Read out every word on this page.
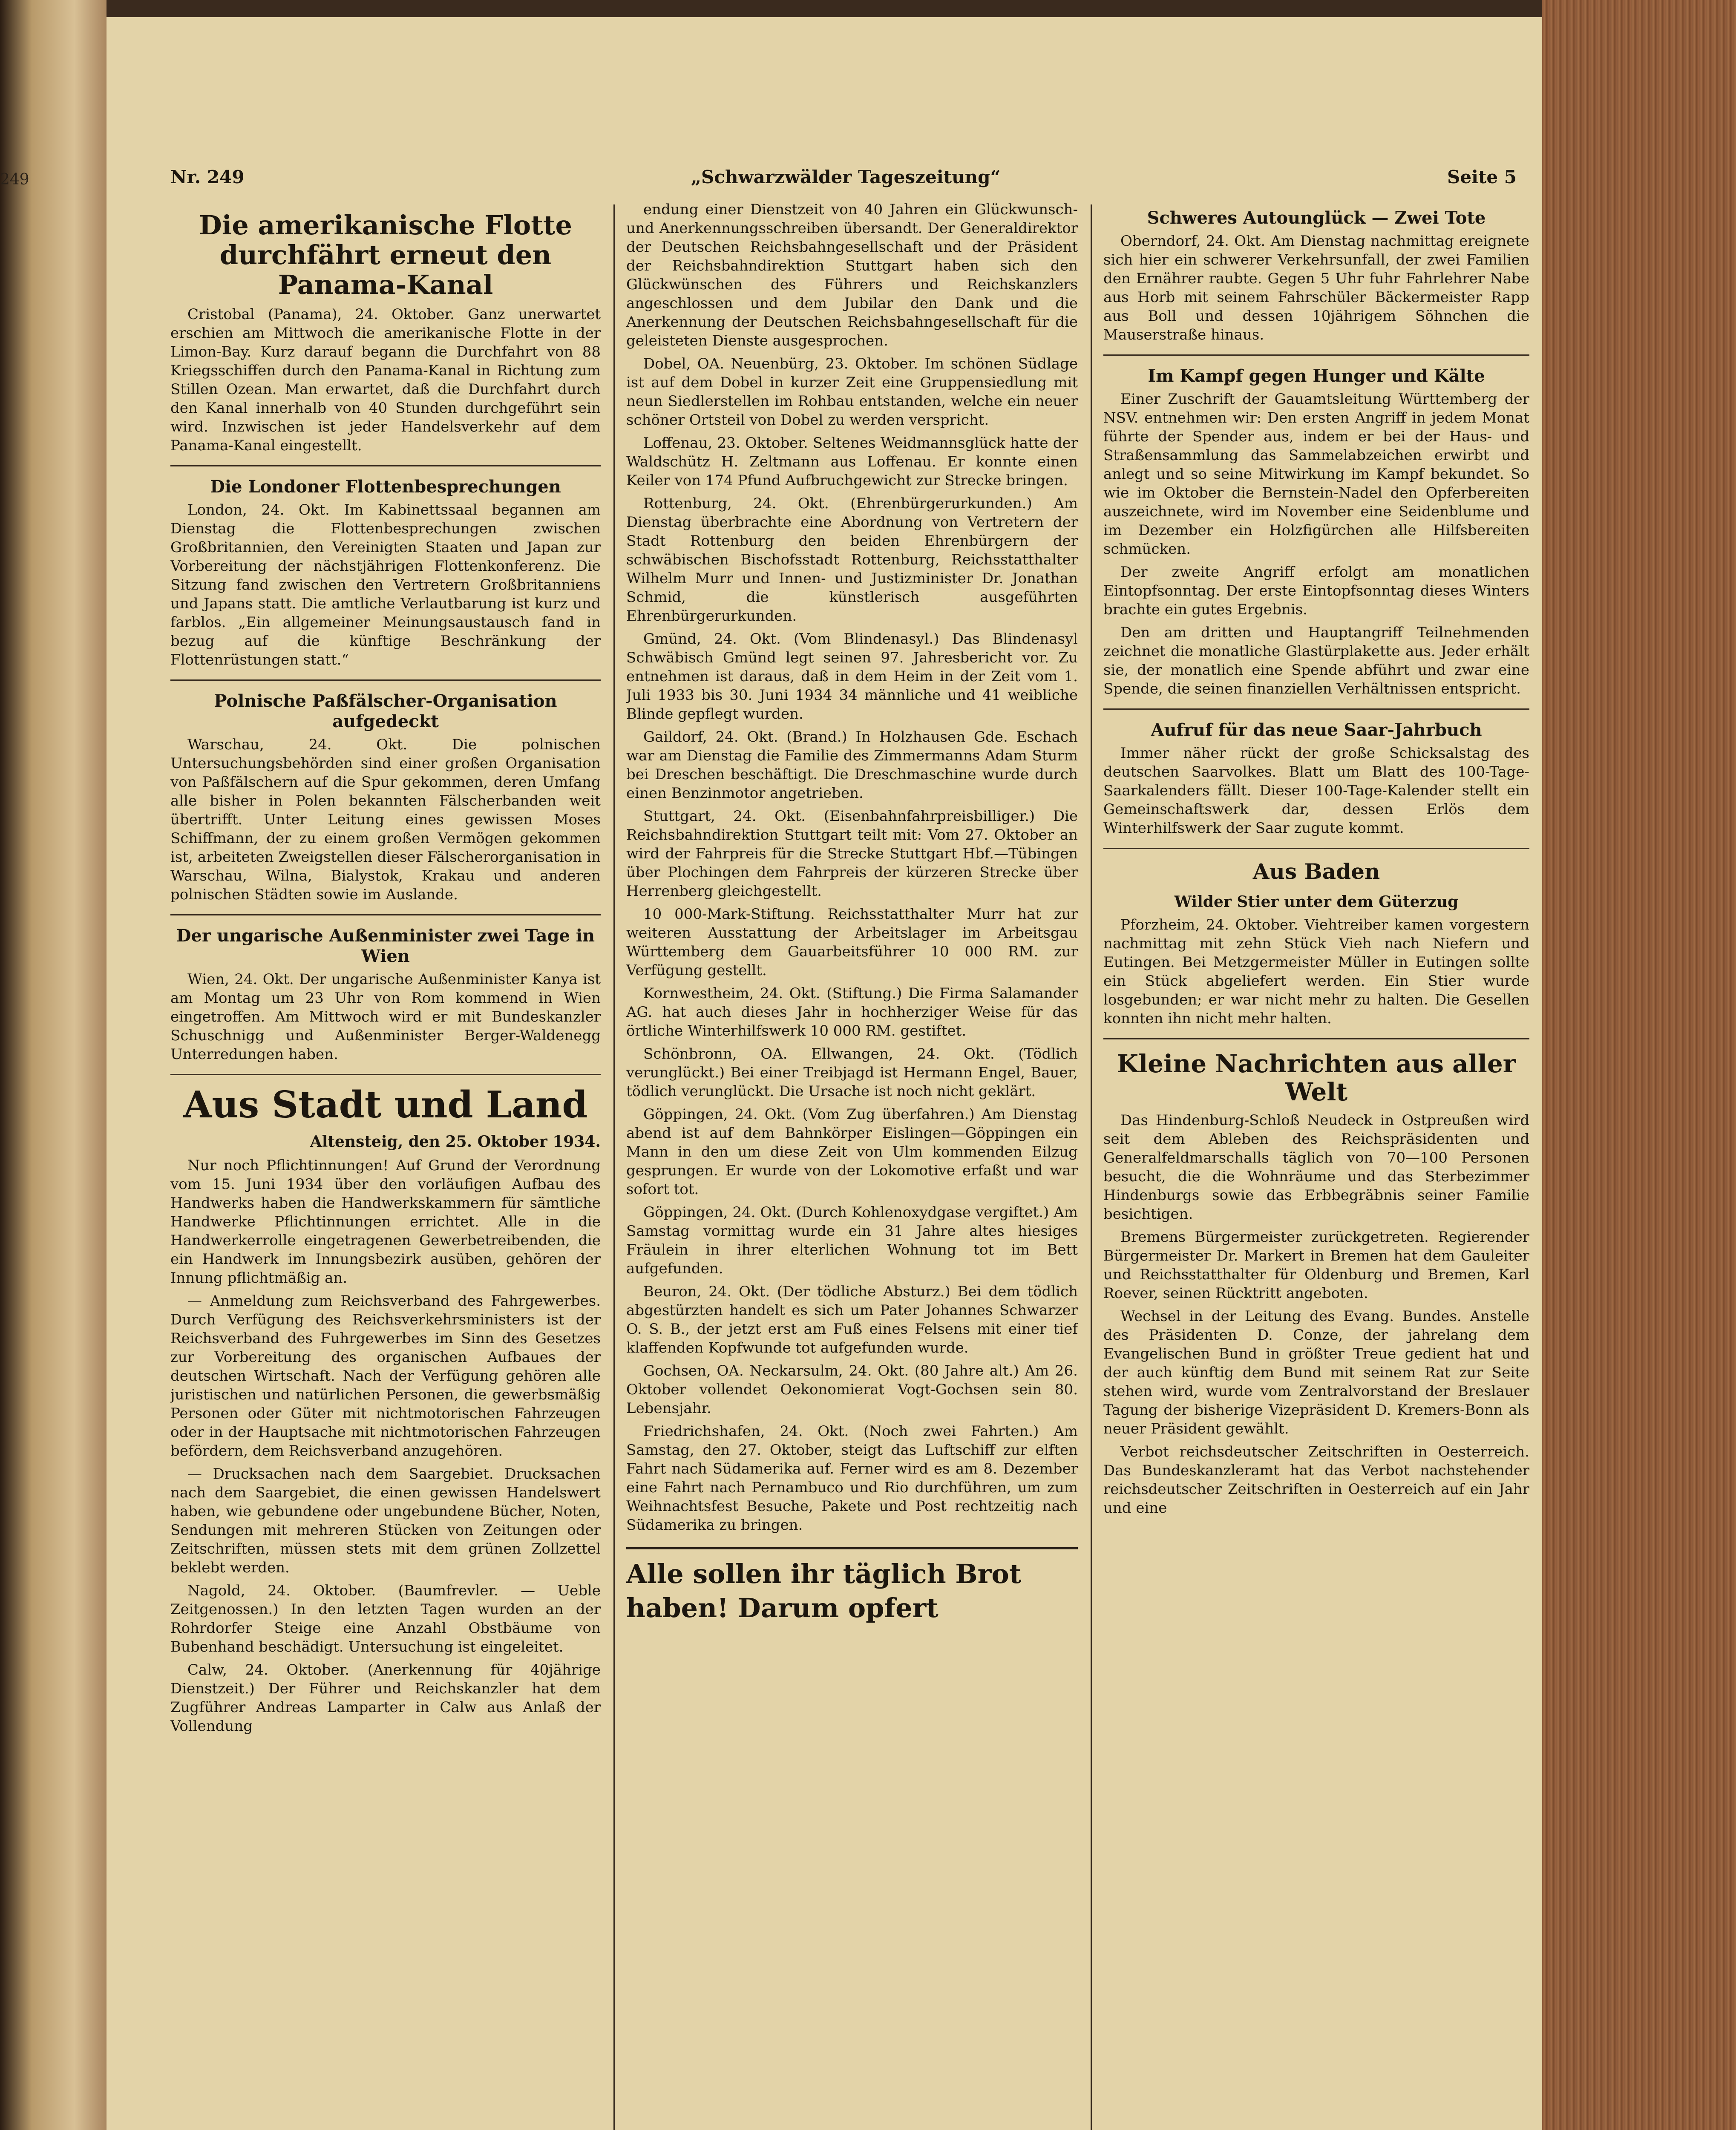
249	Nr. 249	„Schwarzwälder Tageszeitung“	Seite 5
Die amerikanische Flotte durchfährt erneut den Panama-Kanal

Cristobal (Panama), 24. Oktober. Ganz unerwartet erschien am Mittwoch die amerikanische Flotte in der Limon-Bay. Kurz darauf begann die Durchfahrt von 88 Kriegsschiffen durch den Panama-Kanal in Richtung zum Stillen Ozean. Man erwartet, daß die Durchfahrt durch den Kanal innerhalb von 40 Stunden durchgeführt sein wird. Inzwischen ist jeder Handelsverkehr auf dem Panama-Kanal eingestellt.

Die Londoner Flottenbesprechungen

London, 24. Okt. Im Kabinettssaal begannen am Dienstag die Flottenbesprechungen zwischen Großbritannien, den Vereinigten Staaten und Japan zur Vorbereitung der nächstjährigen Flottenkonferenz. Die Sitzung fand zwischen den Vertretern Großbritanniens und Japans statt. Die amtliche Verlautbarung ist kurz und farblos. „Ein allgemeiner Meinungsaustausch fand in bezug auf die künftige Beschränkung der Flottenrüstungen statt.“

Polnische Paßfälscher-Organisation aufgedeckt

Warschau, 24. Okt. Die polnischen Untersuchungsbehörden sind einer großen Organisation von Paßfälschern auf die Spur gekommen, deren Umfang alle bisher in Polen bekannten Fälscherbanden weit übertrifft. Unter Leitung eines gewissen Moses Schiffmann, der zu einem großen Vermögen gekommen ist, arbeiteten Zweigstellen dieser Fälscherorganisation in Warschau, Wilna, Bialystok, Krakau und anderen polnischen Städten sowie im Auslande.

Der ungarische Außenminister zwei Tage in Wien

Wien, 24. Okt. Der ungarische Außenminister Kanya ist am Montag um 23 Uhr von Rom kommend in Wien eingetroffen. Am Mittwoch wird er mit Bundeskanzler Schuschnigg und Außenminister Berger-Waldenegg Unterredungen haben.

Aus Stadt und Land
Altensteig, den 25. Oktober 1934.

Nur noch Pflichtinnungen! Auf Grund der Verordnung vom 15. Juni 1934 über den vorläufigen Aufbau des Handwerks haben die Handwerkskammern für sämtliche Handwerke Pflichtinnungen errichtet. Alle in die Handwerkerrolle eingetragenen Gewerbetreibenden, die ein Handwerk im Innungsbezirk ausüben, gehören der Innung pflichtmäßig an.

— Anmeldung zum Reichsverband des Fahrgewerbes. Durch Verfügung des Reichsverkehrsministers ist der Reichsverband des Fuhrgewerbes im Sinn des Gesetzes zur Vorbereitung des organischen Aufbaues der deutschen Wirtschaft. Nach der Verfügung gehören alle juristischen und natürlichen Personen, die gewerbsmäßig Personen oder Güter mit nichtmotorischen Fahrzeugen oder in der Hauptsache mit nichtmotorischen Fahrzeugen befördern, dem Reichsverband anzugehören.

— Drucksachen nach dem Saargebiet. Drucksachen nach dem Saargebiet, die einen gewissen Handelswert haben, wie gebundene oder ungebundene Bücher, Noten, Sendungen mit mehreren Stücken von Zeitungen oder Zeitschriften, müssen stets mit dem grünen Zollzettel beklebt werden.

Nagold, 24. Oktober. (Baumfrevler. — Ueble Zeitgenossen.) In den letzten Tagen wurden an der Rohrdorfer Steige eine Anzahl Obstbäume von Bubenhand beschädigt. Untersuchung ist eingeleitet.

Calw, 24. Oktober. (Anerkennung für 40jährige Dienstzeit.) Der Führer und Reichskanzler hat dem Zugführer Andreas Lamparter in Calw aus Anlaß der Vollendung

endung einer Dienstzeit von 40 Jahren ein Glückwunsch- und Anerkennungsschreiben übersandt. Der Generaldirektor der Deutschen Reichsbahngesellschaft und der Präsident der Reichsbahndirektion Stuttgart haben sich den Glückwünschen des Führers und Reichskanzlers angeschlossen und dem Jubilar den Dank und die Anerkennung der Deutschen Reichsbahngesellschaft für die geleisteten Dienste ausgesprochen.

Dobel, OA. Neuenbürg, 23. Oktober. Im schönen Südlage ist auf dem Dobel in kurzer Zeit eine Gruppensiedlung mit neun Siedlerstellen im Rohbau entstanden, welche ein neuer schöner Ortsteil von Dobel zu werden verspricht.

Loffenau, 23. Oktober. Seltenes Weidmannsglück hatte der Waldschütz H. Zeltmann aus Loffenau. Er konnte einen Keiler von 174 Pfund Aufbruchgewicht zur Strecke bringen.

Rottenburg, 24. Okt. (Ehrenbürgerurkunden.) Am Dienstag überbrachte eine Abordnung von Vertretern der Stadt Rottenburg den beiden Ehrenbürgern der schwäbischen Bischofsstadt Rottenburg, Reichsstatthalter Wilhelm Murr und Innen- und Justizminister Dr. Jonathan Schmid, die künstlerisch ausgeführten Ehrenbürgerurkunden.

Gmünd, 24. Okt. (Vom Blindenasyl.) Das Blindenasyl Schwäbisch Gmünd legt seinen 97. Jahresbericht vor. Zu entnehmen ist daraus, daß in dem Heim in der Zeit vom 1. Juli 1933 bis 30. Juni 1934 34 männliche und 41 weibliche Blinde gepflegt wurden.

Gaildorf, 24. Okt. (Brand.) In Holzhausen Gde. Eschach war am Dienstag die Familie des Zimmermanns Adam Sturm bei Dreschen beschäftigt. Die Dreschmaschine wurde durch einen Benzinmotor angetrieben.

Stuttgart, 24. Okt. (Eisenbahnfahrpreisbilliger.) Die Reichsbahndirektion Stuttgart teilt mit: Vom 27. Oktober an wird der Fahrpreis für die Strecke Stuttgart Hbf.—Tübingen über Plochingen dem Fahrpreis der kürzeren Strecke über Herrenberg gleichgestellt.

10 000-Mark-Stiftung. Reichsstatthalter Murr hat zur weiteren Ausstattung der Arbeitslager im Arbeitsgau Württemberg dem Gauarbeitsführer 10 000 RM. zur Verfügung gestellt.

Kornwestheim, 24. Okt. (Stiftung.) Die Firma Salamander AG. hat auch dieses Jahr in hochherziger Weise für das örtliche Winterhilfswerk 10 000 RM. gestiftet.

Schönbronn, OA. Ellwangen, 24. Okt. (Tödlich verunglückt.) Bei einer Treibjagd ist Hermann Engel, Bauer, tödlich verunglückt. Die Ursache ist noch nicht geklärt.

Göppingen, 24. Okt. (Vom Zug überfahren.) Am Dienstag abend ist auf dem Bahnkörper Eislingen—Göppingen ein Mann in den um diese Zeit von Ulm kommenden Eilzug gesprungen. Er wurde von der Lokomotive erfaßt und war sofort tot.

Göppingen, 24. Okt. (Durch Kohlenoxydgase vergiftet.) Am Samstag vormittag wurde ein 31 Jahre altes hiesiges Fräulein in ihrer elterlichen Wohnung tot im Bett aufgefunden.

Beuron, 24. Okt. (Der tödliche Absturz.) Bei dem tödlich abgestürzten handelt es sich um Pater Johannes Schwarzer O. S. B., der jetzt erst am Fuß eines Felsens mit einer tief klaffenden Kopfwunde tot aufgefunden wurde.

Gochsen, OA. Neckarsulm, 24. Okt. (80 Jahre alt.) Am 26. Oktober vollendet Oekonomierat Vogt-Gochsen sein 80. Lebensjahr.

Friedrichshafen, 24. Okt. (Noch zwei Fahrten.) Am Samstag, den 27. Oktober, steigt das Luftschiff zur elften Fahrt nach Südamerika auf. Ferner wird es am 8. Dezember eine Fahrt nach Pernambuco und Rio durchführen, um zum Weihnachtsfest Besuche, Pakete und Post rechtzeitig nach Südamerika zu bringen.

Alle sollen ihr täglich Brot haben! Darum opfert
Schweres Autounglück — Zwei Tote

Oberndorf, 24. Okt. Am Dienstag nachmittag ereignete sich hier ein schwerer Verkehrsunfall, der zwei Familien den Ernährer raubte. Gegen 5 Uhr fuhr Fahrlehrer Nabe aus Horb mit seinem Fahrschüler Bäckermeister Rapp aus Boll und dessen 10jährigem Söhnchen die Mauserstraße hinaus.

Im Kampf gegen Hunger und Kälte

Einer Zuschrift der Gauamtsleitung Württemberg der NSV. entnehmen wir: Den ersten Angriff in jedem Monat führte der Spender aus, indem er bei der Haus- und Straßensammlung das Sammelabzeichen erwirbt und anlegt und so seine Mitwirkung im Kampf bekundet. So wie im Oktober die Bernstein-Nadel den Opferbereiten auszeichnete, wird im November eine Seidenblume und im Dezember ein Holzfigürchen alle Hilfsbereiten schmücken.

Der zweite Angriff erfolgt am monatlichen Eintopfsonntag. Der erste Eintopfsonntag dieses Winters brachte ein gutes Ergebnis.

Den am dritten und Hauptangriff Teilnehmenden zeichnet die monatliche Glastürplakette aus. Jeder erhält sie, der monatlich eine Spende abführt und zwar eine Spende, die seinen finanziellen Verhältnissen entspricht.

Aufruf für das neue Saar-Jahrbuch

Immer näher rückt der große Schicksalstag des deutschen Saarvolkes. Blatt um Blatt des 100-Tage-Saarkalenders fällt. Dieser 100-Tage-Kalender stellt ein Gemeinschaftswerk dar, dessen Erlös dem Winterhilfswerk der Saar zugute kommt.

Aus Baden
Wilder Stier unter dem Güterzug

Pforzheim, 24. Oktober. Viehtreiber kamen vorgestern nachmittag mit zehn Stück Vieh nach Niefern und Eutingen. Bei Metzgermeister Müller in Eutingen sollte ein Stück abgeliefert werden. Ein Stier wurde losgebunden; er war nicht mehr zu halten. Die Gesellen konnten ihn nicht mehr halten.

Kleine Nachrichten aus aller Welt

Das Hindenburg-Schloß Neudeck in Ostpreußen wird seit dem Ableben des Reichspräsidenten und Generalfeldmarschalls täglich von 70—100 Personen besucht, die die Wohnräume und das Sterbezimmer Hindenburgs sowie das Erbbegräbnis seiner Familie besichtigen.

Bremens Bürgermeister zurückgetreten. Regierender Bürgermeister Dr. Markert in Bremen hat dem Gauleiter und Reichsstatthalter für Oldenburg und Bremen, Karl Roever, seinen Rücktritt angeboten.

Wechsel in der Leitung des Evang. Bundes. Anstelle des Präsidenten D. Conze, der jahrelang dem Evangelischen Bund in größter Treue gedient hat und der auch künftig dem Bund mit seinem Rat zur Seite stehen wird, wurde vom Zentralvorstand der Breslauer Tagung der bisherige Vizepräsident D. Kremers-Bonn als neuer Präsident gewählt.

Verbot reichsdeutscher Zeitschriften in Oesterreich. Das Bundeskanzleramt hat das Verbot nachstehender reichsdeutscher Zeitschriften in Oesterreich auf ein Jahr und eine
